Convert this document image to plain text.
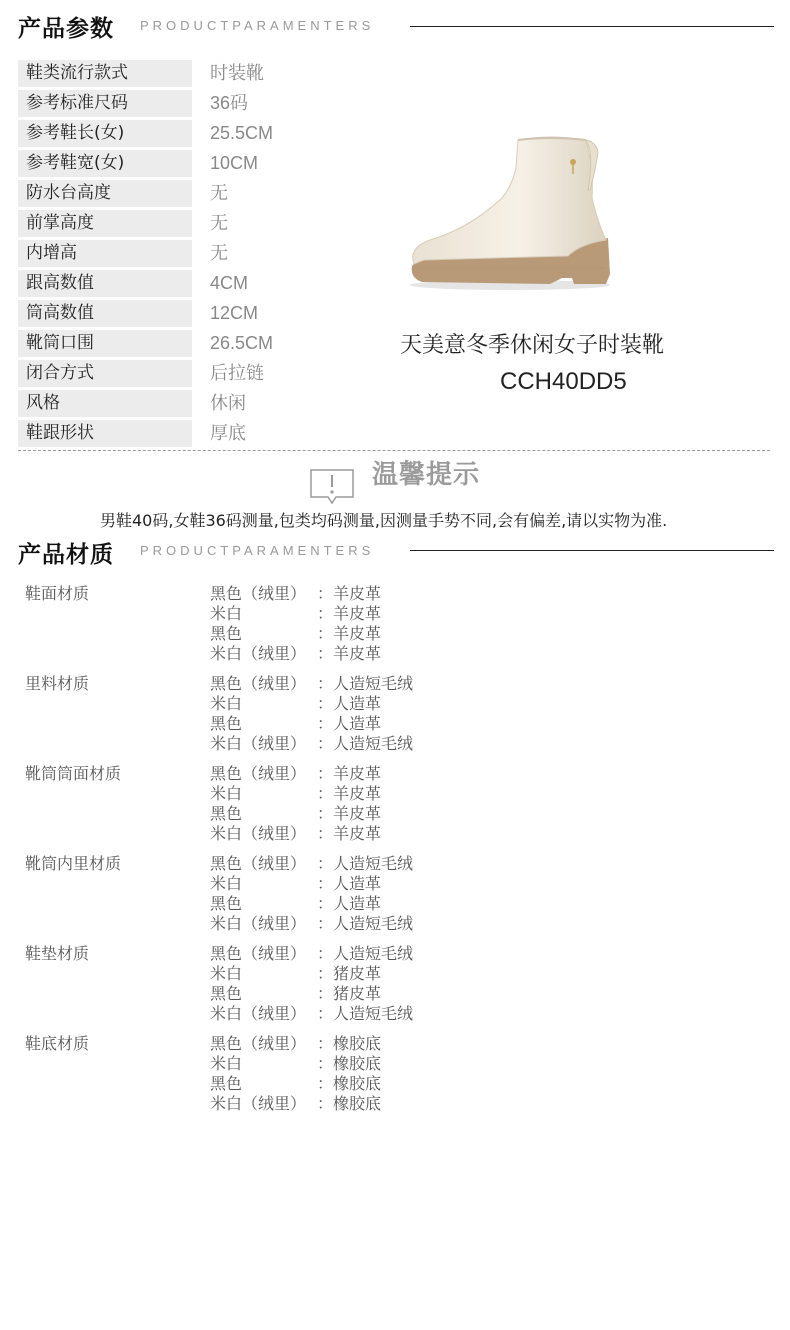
产品参数 PRODUCTPARAMENTERS
鞋类流行款式	时装靴
参考标准尺码	36码
参考鞋长(女)	25.5CM
参考鞋宽(女)	10CM
防水台高度	无
前掌高度	无
内增高	无
跟高数值	4CM
筒高数值	12CM
靴筒口围	26.5CM
闭合方式	后拉链
风格	休闲
鞋跟形状	厚底
天美意冬季休闲女子时装靴
CCH40DD5
温馨提示
男鞋40码,女鞋36码测量,包类均码测量,因测量手势不同,会有偏差,请以实物为准.
产品材质 PRODUCTPARAMENTERS
鞋面材质	黑色（绒里） ：羊皮革
米白	：羊皮革
黑色	：羊皮革
米白（绒里） ：羊皮革
里料材质	黑色（绒里） ：人造短毛绒
米白	：人造革
黑色	：人造革
米白（绒里） ：人造短毛绒
靴筒筒面材质	黑色（绒里） ：羊皮革
米白	：羊皮革
黑色	：羊皮革
米白（绒里） ：羊皮革
靴筒内里材质	黑色（绒里） ：人造短毛绒
米白	：人造革
黑色	：人造革
米白（绒里） ：人造短毛绒
鞋垫材质	黑色（绒里） ：人造短毛绒
米白	：猪皮革
黑色	：猪皮革
米白（绒里） ：人造短毛绒
鞋底材质	黑色（绒里） ：橡胶底
米白	：橡胶底
黑色	：橡胶底
米白（绒里） ：橡胶底
